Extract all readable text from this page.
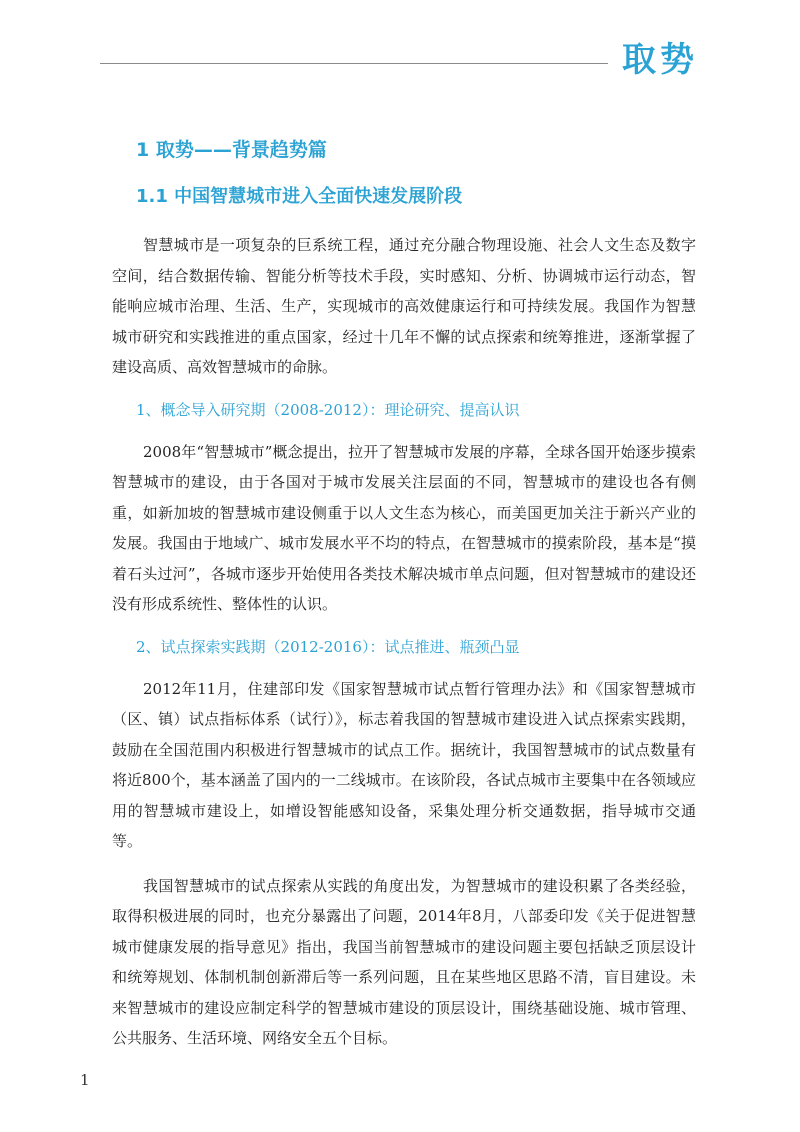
取势
1 取势——背景趋势篇
1.1 中国智慧城市进入全面快速发展阶段

智慧城市是一项复杂的巨系统工程，通过充分融合物理设施、社会人文生态及数字空间，结合数据传输、智能分析等技术手段，实时感知、分析、协调城市运行动态，智能响应城市治理、生活、生产，实现城市的高效健康运行和可持续发展。我国作为智慧城市研究和实践推进的重点国家，经过十几年不懈的试点探索和统筹推进，逐渐掌握了建设高质、高效智慧城市的命脉。

1、概念导入研究期（2008-2012）：理论研究、提高认识

2008年“智慧城市”概念提出，拉开了智慧城市发展的序幕，全球各国开始逐步摸索智慧城市的建设，由于各国对于城市发展关注层面的不同，智慧城市的建设也各有侧重，如新加坡的智慧城市建设侧重于以人文生态为核心，而美国更加关注于新兴产业的发展。我国由于地域广、城市发展水平不均的特点，在智慧城市的摸索阶段，基本是“摸着石头过河”，各城市逐步开始使用各类技术解决城市单点问题，但对智慧城市的建设还没有形成系统性、整体性的认识。

2、试点探索实践期（2012-2016）：试点推进、瓶颈凸显

2012年11月，住建部印发《国家智慧城市试点暂行管理办法》和《国家智慧城市（区、镇）试点指标体系（试行）》，标志着我国的智慧城市建设进入试点探索实践期，鼓励在全国范围内积极进行智慧城市的试点工作。据统计，我国智慧城市的试点数量有将近800个，基本涵盖了国内的一二线城市。在该阶段，各试点城市主要集中在各领域应用的智慧城市建设上，如增设智能感知设备，采集处理分析交通数据，指导城市交通等。

我国智慧城市的试点探索从实践的角度出发，为智慧城市的建设积累了各类经验，取得积极进展的同时，也充分暴露出了问题，2014年8月，八部委印发《关于促进智慧城市健康发展的指导意见》指出，我国当前智慧城市的建设问题主要包括缺乏顶层设计和统筹规划、体制机制创新滞后等一系列问题，且在某些地区思路不清，盲目建设。未来智慧城市的建设应制定科学的智慧城市建设的顶层设计，围绕基础设施、城市管理、公共服务、生活环境、网络安全五个目标。

1
